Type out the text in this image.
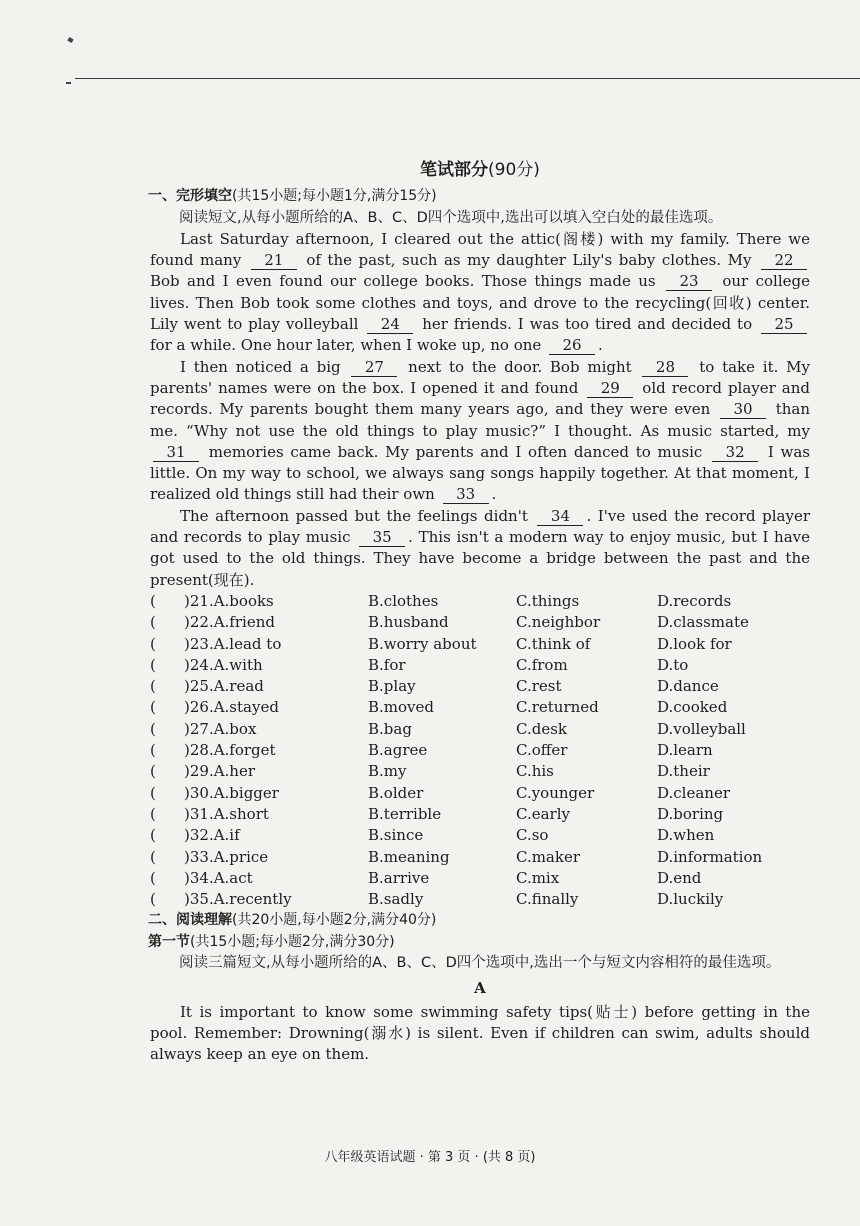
笔试部分(90分)

一、完形填空(共15小题;每小题1分,满分15分)

阅读短文,从每小题所给的A、B、C、D四个选项中,选出可以填入空白处的最佳选项。

Last Saturday afternoon, I cleared out the attic(阁楼) with my family. There we found many 21 of the past, such as my daughter Lily's baby clothes. My 22 Bob and I even found our college books. Those things made us 23 our college lives. Then Bob took some clothes and toys, and drove to the recycling(回收) center. Lily went to play volleyball 24 her friends. I was too tired and decided to 25 for a while. One hour later, when I woke up, no one 26 .

I then noticed a big 27 next to the door. Bob might 28 to take it. My parents' names were on the box. I opened it and found 29 old record player and records. My parents bought them many years ago, and they were even 30 than me. “Why not use the old things to play music?” I thought. As music started, my 31 memories came back. My parents and I often danced to music 32 I was little. On my way to school, we always sang songs happily together. At that moment, I realized old things still had their own 33 .

The afternoon passed but the feelings didn't 34 . I've used the record player and records to play music 35 . This isn't a modern way to enjoy music, but I have got used to the old things. They have become a bridge between the past and the present(现在).

(	)21.A.books	B.clothes	C.things	D.records
(	)22.A.friend	B.husband	C.neighbor	D.classmate
(	)23.A.lead to	B.worry about	C.think of	D.look for
(	)24.A.with	B.for	C.from	D.to
(	)25.A.read	B.play	C.rest	D.dance
(	)26.A.stayed	B.moved	C.returned	D.cooked
(	)27.A.box	B.bag	C.desk	D.volleyball
(	)28.A.forget	B.agree	C.offer	D.learn
(	)29.A.her	B.my	C.his	D.their
(	)30.A.bigger	B.older	C.younger	D.cleaner
(	)31.A.short	B.terrible	C.early	D.boring
(	)32.A.if	B.since	C.so	D.when
(	)33.A.price	B.meaning	C.maker	D.information
(	)34.A.act	B.arrive	C.mix	D.end
(	)35.A.recently	B.sadly	C.finally	D.luckily

二、阅读理解(共20小题,每小题2分,满分40分)

第一节(共15小题;每小题2分,满分30分)

阅读三篇短文,从每小题所给的A、B、C、D四个选项中,选出一个与短文内容相符的最佳选项。

A

It is important to know some swimming safety tips(贴士) before getting in the pool. Remember: Drowning(溺水) is silent. Even if children can swim, adults should always keep an eye on them.

八年级英语试题 · 第 3 页 · (共 8 页)
